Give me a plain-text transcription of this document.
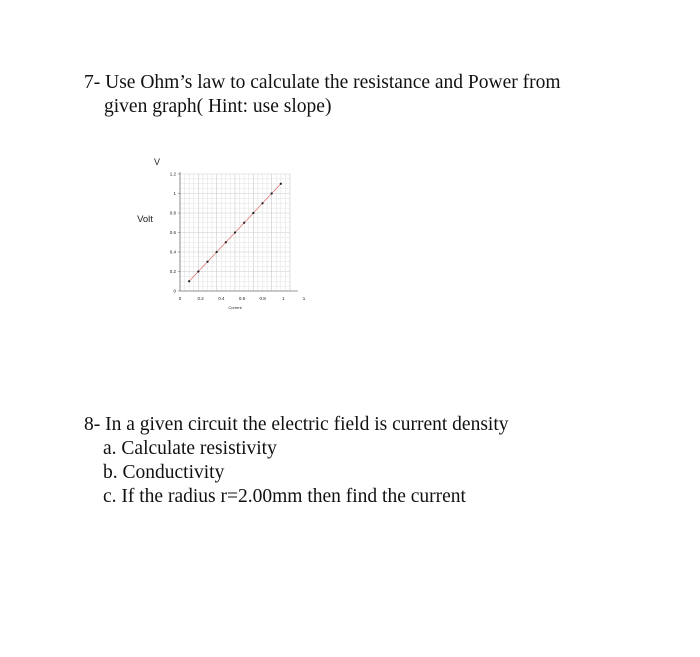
7- Use Ohm’s law to calculate the resistance and Power from
given graph( Hint: use slope)
0
0.2
0.4
0.6
0.8
1
1.2
0	0.2	0.4	0.6	0.8	1	1
V
Volt
Current
8- In a given circuit the electric field is current density
a. Calculate resistivity
b. Conductivity
c. If the radius r=2.00mm then find the current
